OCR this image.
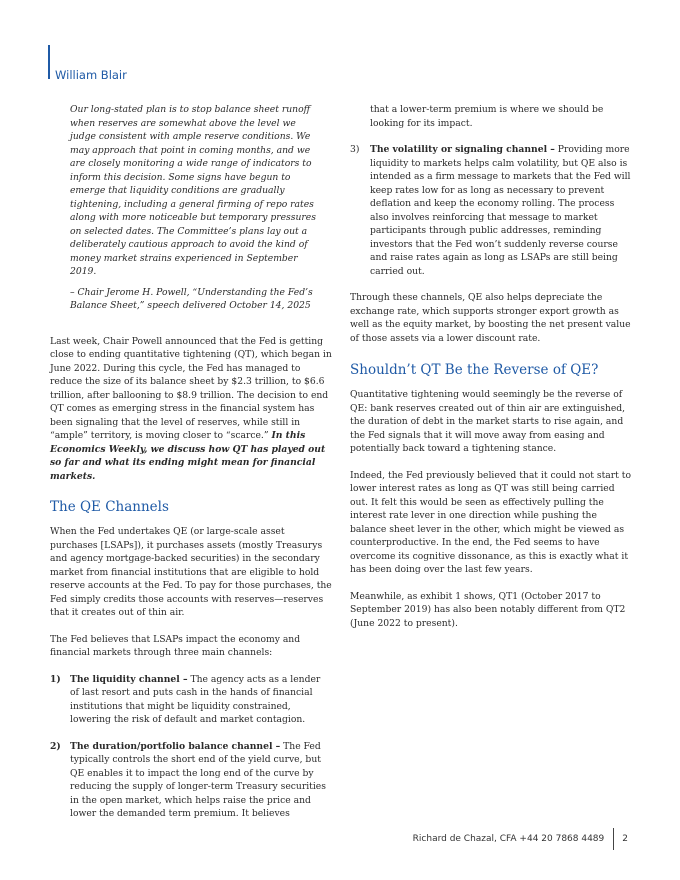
William Blair

Our long-stated plan is to stop balance sheet runoff when reserves are somewhat above the level we judge consistent with ample reserve conditions. We may approach that point in coming months, and we are closely monitoring a wide range of indicators to inform this decision. Some signs have begun to emerge that liquidity conditions are gradually tightening, including a general firming of repo rates along with more noticeable but temporary pressures on selected dates. The Committee’s plans lay out a deliberately cautious approach to avoid the kind of money market strains experienced in September 2019.

– Chair Jerome H. Powell, “Understanding the Fed’s Balance Sheet,” speech delivered October 14, 2025

Last week, Chair Powell announced that the Fed is getting close to ending quantitative tightening (QT), which began in June 2022. During this cycle, the Fed has managed to reduce the size of its balance sheet by $2.3 trillion, to $6.6 trillion, after ballooning to $8.9 trillion. The decision to end QT comes as emerging stress in the financial system has been signaling that the level of reserves, while still in “ample” territory, is moving closer to “scarce.” In this Economics Weekly, we discuss how QT has played out so far and what its ending might mean for financial markets.

The QE Channels

When the Fed undertakes QE (or large-scale asset purchases [LSAPs]), it purchases assets (mostly Treasurys and agency mortgage-backed securities) in the secondary market from financial institutions that are eligible to hold reserve accounts at the Fed. To pay for those purchases, the Fed simply credits those accounts with reserves—reserves that it creates out of thin air.

The Fed believes that LSAPs impact the economy and financial markets through three main channels:

1)	The liquidity channel – The agency acts as a lender of last resort and puts cash in the hands of financial institutions that might be liquidity constrained, lowering the risk of default and market contagion.
2)	The duration/portfolio balance channel – The Fed typically controls the short end of the yield curve, but QE enables it to impact the long end of the curve by reducing the supply of longer-term Treasury securities in the open market, which helps raise the price and lower the demanded term premium. It believes

that a lower-term premium is where we should be looking for its impact.

3)	The volatility or signaling channel – Providing more liquidity to markets helps calm volatility, but QE also is intended as a firm message to markets that the Fed will keep rates low for as long as necessary to prevent deflation and keep the economy rolling. The process also involves reinforcing that message to market participants through public addresses, reminding investors that the Fed won’t suddenly reverse course and raise rates again as long as LSAPs are still being carried out.

Through these channels, QE also helps depreciate the exchange rate, which supports stronger export growth as well as the equity market, by boosting the net present value of those assets via a lower discount rate.

Shouldn’t QT Be the Reverse of QE?

Quantitative tightening would seemingly be the reverse of QE: bank reserves created out of thin air are extinguished, the duration of debt in the market starts to rise again, and the Fed signals that it will move away from easing and potentially back toward a tightening stance.

Indeed, the Fed previously believed that it could not start to lower interest rates as long as QT was still being carried out. It felt this would be seen as effectively pulling the interest rate lever in one direction while pushing the balance sheet lever in the other, which might be viewed as counterproductive. In the end, the Fed seems to have overcome its cognitive dissonance, as this is exactly what it has been doing over the last few years.

Meanwhile, as exhibit 1 shows, QT1 (October 2017 to September 2019) has also been notably different from QT2 (June 2022 to present).

Richard de Chazal, CFA +44 20 7868 4489 2
